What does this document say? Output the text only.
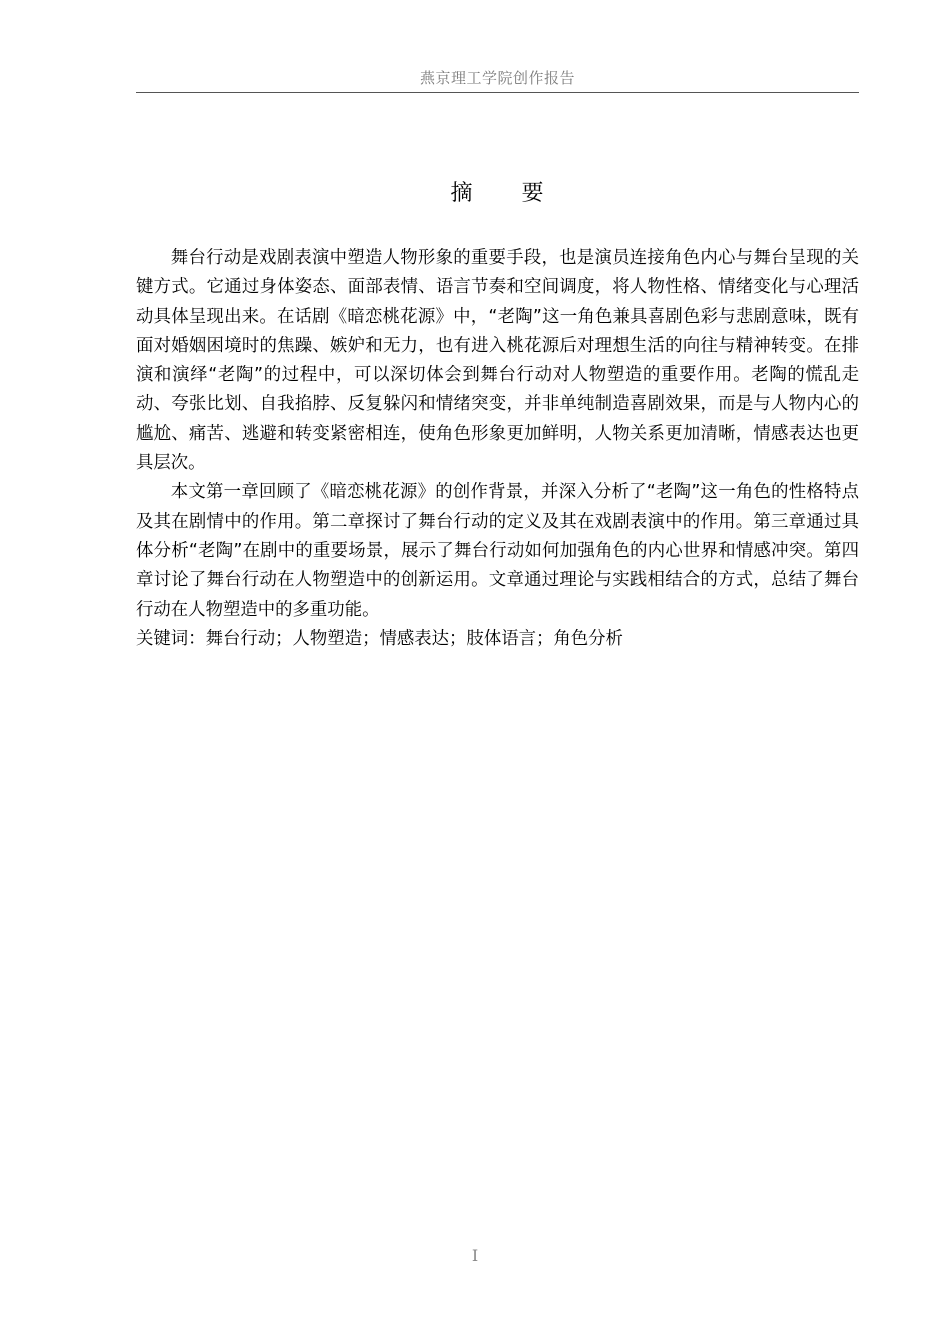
燕京理工学院创作报告
摘 要

舞台行动是戏剧表演中塑造人物形象的重要手段，也是演员连接角色内心与舞台呈现的关键方式。它通过身体姿态、面部表情、语言节奏和空间调度，将人物性格、情绪变化与心理活动具体呈现出来。在话剧《暗恋桃花源》中，“老陶”这一角色兼具喜剧色彩与悲剧意味，既有面对婚姻困境时的焦躁、嫉妒和无力，也有进入桃花源后对理想生活的向往与精神转变。在排演和演绎“老陶”的过程中，可以深切体会到舞台行动对人物塑造的重要作用。老陶的慌乱走动、夸张比划、自我掐脖、反复躲闪和情绪突变，并非单纯制造喜剧效果，而是与人物内心的尴尬、痛苦、逃避和转变紧密相连，使角色形象更加鲜明，人物关系更加清晰，情感表达也更具层次。

本文第一章回顾了《暗恋桃花源》的创作背景，并深入分析了“老陶”这一角色的性格特点及其在剧情中的作用。第二章探讨了舞台行动的定义及其在戏剧表演中的作用。第三章通过具体分析“老陶”在剧中的重要场景，展示了舞台行动如何加强角色的内心世界和情感冲突。第四章讨论了舞台行动在人物塑造中的创新运用。文章通过理论与实践相结合的方式，总结了舞台行动在人物塑造中的多重功能。

关键词：舞台行动；人物塑造；情感表达；肢体语言；角色分析

I
